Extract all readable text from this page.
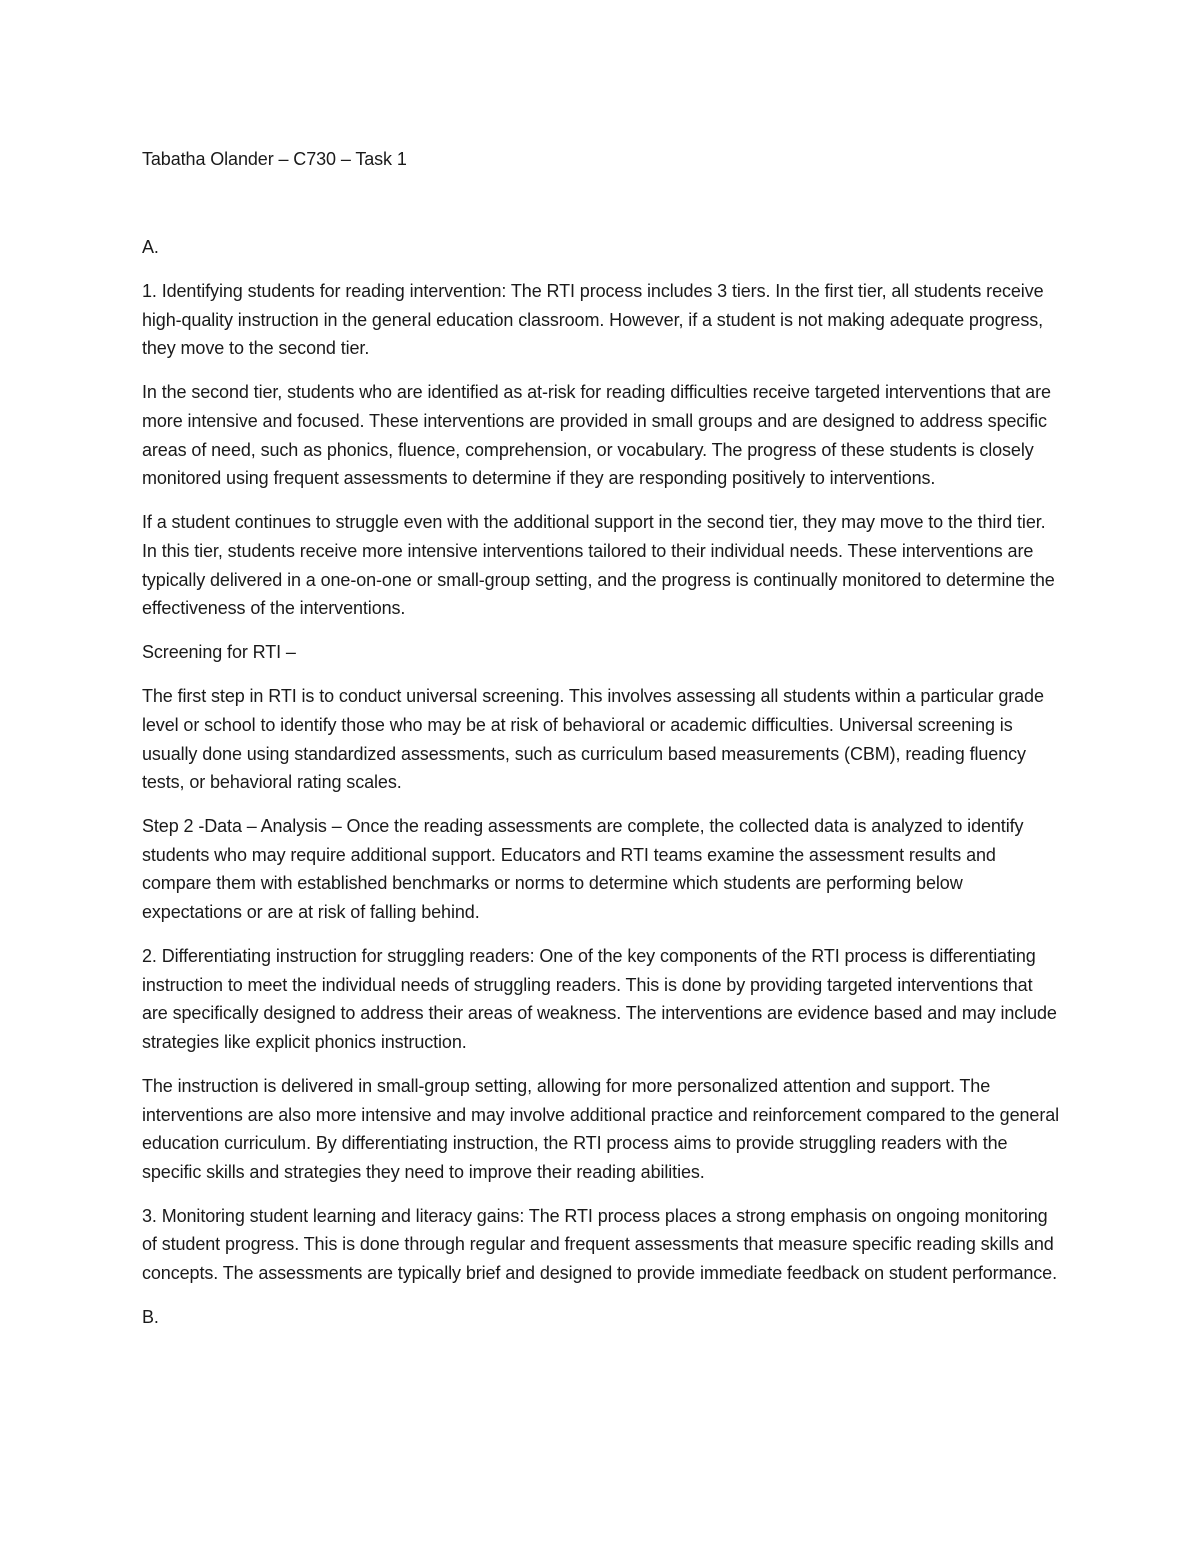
Tabatha Olander – C730 – Task 1

A.

1. Identifying students for reading intervention: The RTI process includes 3 tiers. In the first tier, all students receive high-quality instruction in the general education classroom. However, if a student is not making adequate progress, they move to the second tier.

In the second tier, students who are identified as at-risk for reading difficulties receive targeted interventions that are more intensive and focused. These interventions are provided in small groups and are designed to address specific areas of need, such as phonics, fluence, comprehension, or vocabulary. The progress of these students is closely monitored using frequent assessments to determine if they are responding positively to interventions.

If a student continues to struggle even with the additional support in the second tier, they may move to the third tier. In this tier, students receive more intensive interventions tailored to their individual needs. These interventions are typically delivered in a one-on-one or small-group setting, and the progress is continually monitored to determine the effectiveness of the interventions.

Screening for RTI –

The first step in RTI is to conduct universal screening. This involves assessing all students within a particular grade level or school to identify those who may be at risk of behavioral or academic difficulties. Universal screening is usually done using standardized assessments, such as curriculum based measurements (CBM), reading fluency tests, or behavioral rating scales.

Step 2 -Data – Analysis – Once the reading assessments are complete, the collected data is analyzed to identify students who may require additional support. Educators and RTI teams examine the assessment results and compare them with established benchmarks or norms to determine which students are performing below expectations or are at risk of falling behind.

2. Differentiating instruction for struggling readers: One of the key components of the RTI process is differentiating instruction to meet the individual needs of struggling readers. This is done by providing targeted interventions that are specifically designed to address their areas of weakness. The interventions are evidence based and may include strategies like explicit phonics instruction.

The instruction is delivered in small-group setting, allowing for more personalized attention and support. The interventions are also more intensive and may involve additional practice and reinforcement compared to the general education curriculum. By differentiating instruction, the RTI process aims to provide struggling readers with the specific skills and strategies they need to improve their reading abilities.

3. Monitoring student learning and literacy gains: The RTI process places a strong emphasis on ongoing monitoring of student progress. This is done through regular and frequent assessments that measure specific reading skills and concepts. The assessments are typically brief and designed to provide immediate feedback on student performance.

B.
